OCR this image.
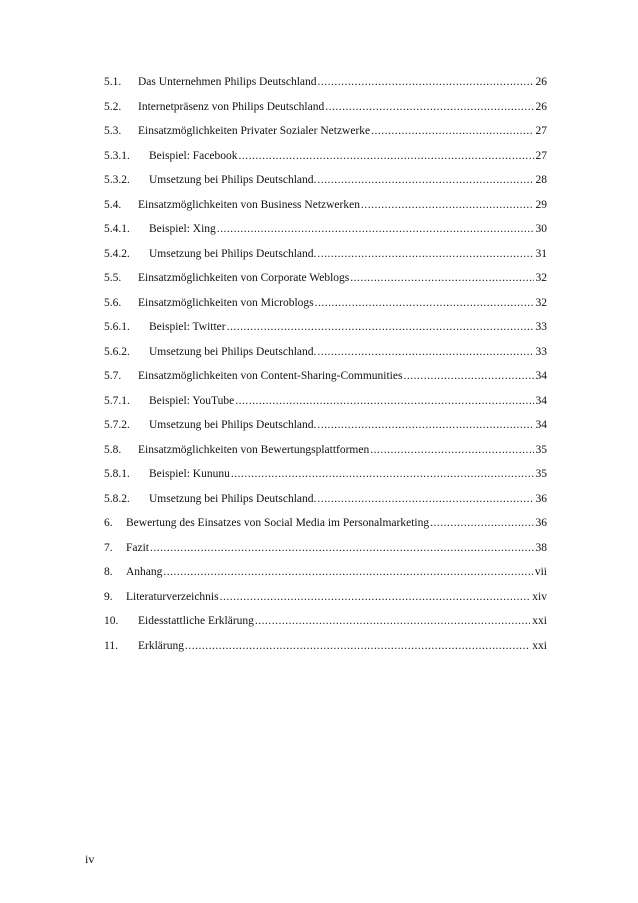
5.1. Das Unternehmen Philips Deutschland .....	26
5.2. Internetpräsenz von Philips Deutschland .....	26
5.3. Einsatzmöglichkeiten Privater Sozialer Netzwerke .....	27
5.3.1. Beispiel: Facebook .....	27
5.3.2. Umsetzung bei Philips Deutschland. .....	28
5.4. Einsatzmöglichkeiten von Business Netzwerken .....	29
5.4.1. Beispiel: Xing .....	30
5.4.2. Umsetzung bei Philips Deutschland. .....	31
5.5. Einsatzmöglichkeiten von Corporate Weblogs .....	32
5.6. Einsatzmöglichkeiten von Microblogs .....	32
5.6.1. Beispiel: Twitter .....	33
5.6.2. Umsetzung bei Philips Deutschland. .....	33
5.7. Einsatzmöglichkeiten von Content-Sharing-Communities .....	34
5.7.1. Beispiel: YouTube .....	34
5.7.2. Umsetzung bei Philips Deutschland. .....	34
5.8. Einsatzmöglichkeiten von Bewertungsplattformen .....	35
5.8.1. Beispiel: Kununu .....	35
5.8.2. Umsetzung bei Philips Deutschland. .....	36
6. Bewertung des Einsatzes von Social Media im Personalmarketing .....	36
7. Fazit .....	38
8. Anhang .....	vii
9. Literaturverzeichnis .....	xiv
10. Eidesstattliche Erklärung .....	xxi
11. Erklärung .....	xxi
iv
